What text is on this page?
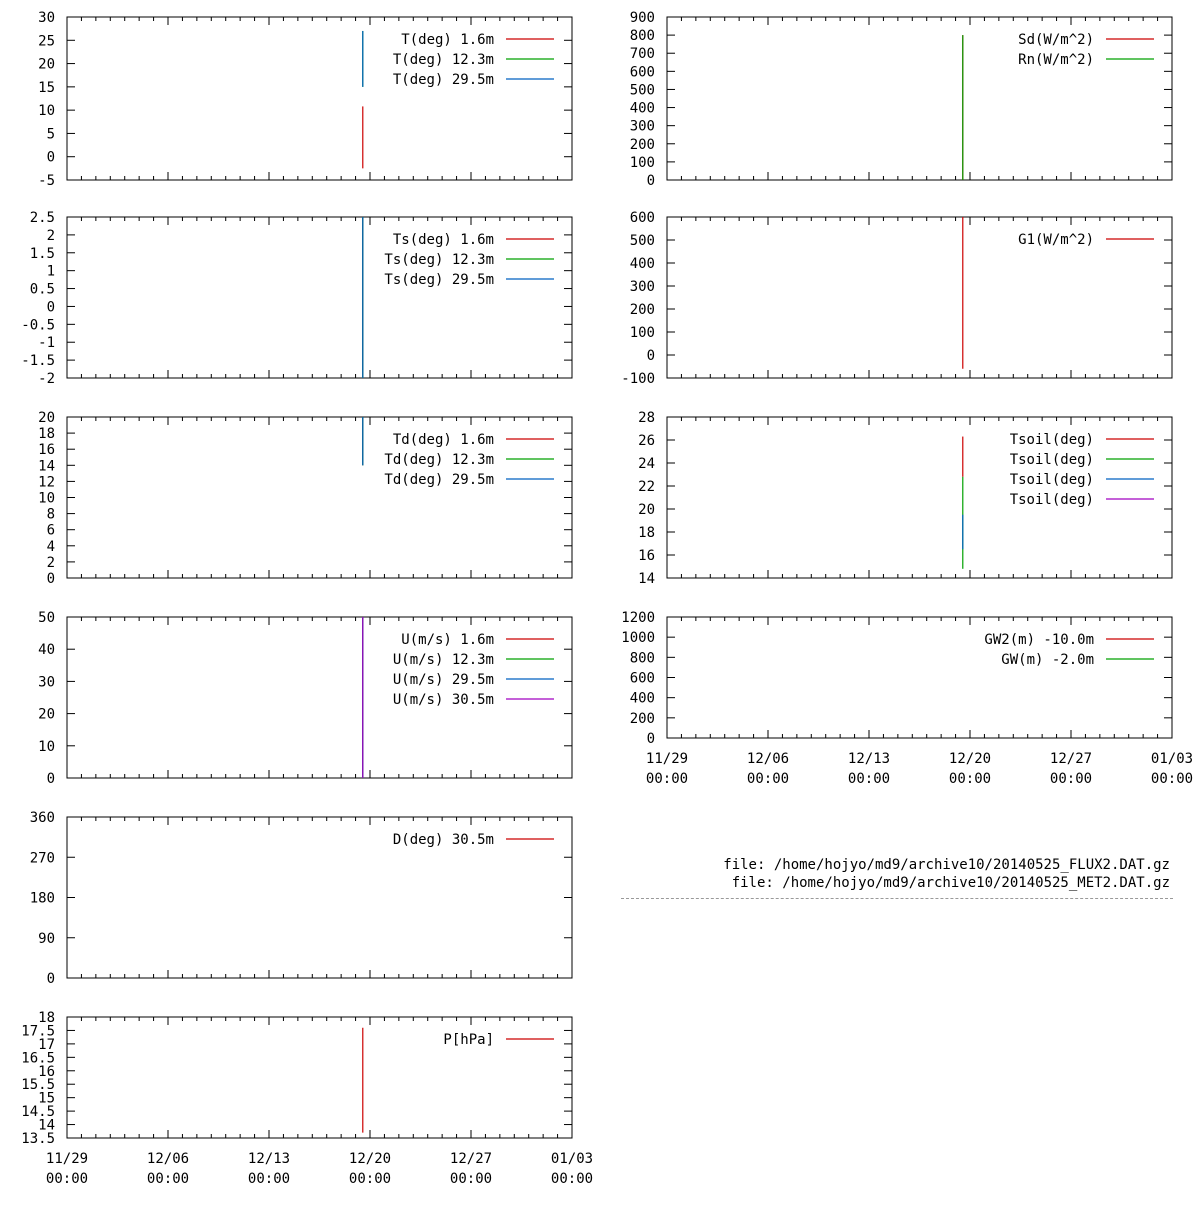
-5
0
5
10
15
20
25
30
T(deg) 1.6m
T(deg) 12.3m
T(deg) 29.5m
-2
-1.5
-1
-0.5
0
0.5
1
1.5
2
2.5
Ts(deg) 1.6m
Ts(deg) 12.3m
Ts(deg) 29.5m
0
2
4
6
8
10
12
14
16
18
20
Td(deg) 1.6m
Td(deg) 12.3m
Td(deg) 29.5m
0
10
20
30
40
50
U(m/s) 1.6m
U(m/s) 12.3m
U(m/s) 29.5m
U(m/s) 30.5m
0
90
180
270
360
D(deg) 30.5m
13.5
14
14.5
15
15.5
16
16.5
17
17.5
18
11/29
00:00
12/06
00:00
12/13
00:00
12/20
00:00
12/27
00:00
01/03
00:00
P[hPa]
0
100
200
300
400
500
600
700
800
900
Sd(W/m^2)
Rn(W/m^2)
-100
0
100
200
300
400
500
600
G1(W/m^2)
14
16
18
20
22
24
26
28
Tsoil(deg)
Tsoil(deg)
Tsoil(deg)
Tsoil(deg)
0
200
400
600
800
1000
1200
11/29
00:00
12/06
00:00
12/13
00:00
12/20
00:00
12/27
00:00
01/03
00:00
GW2(m) -10.0m
GW(m) -2.0m
file: /home/hojyo/md9/archive10/20140525_FLUX2.DAT.gz
file: /home/hojyo/md9/archive10/20140525_MET2.DAT.gz
